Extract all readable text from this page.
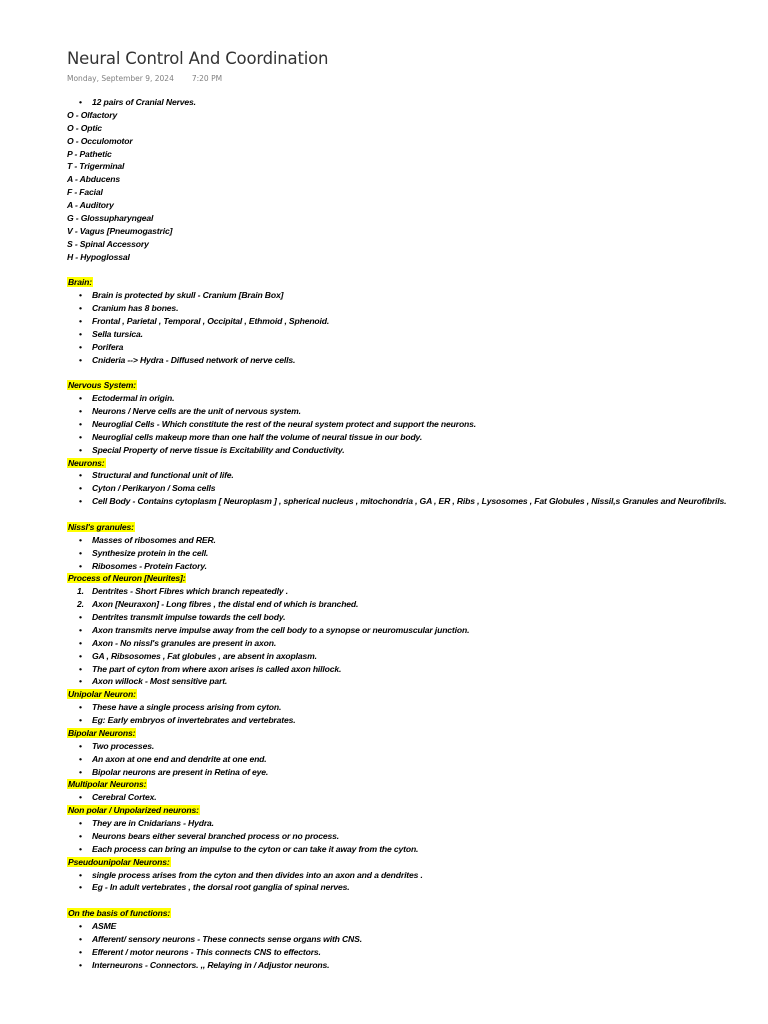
Neural Control And Coordination
Monday, September 9, 2024 7:20 PM
• 12 pairs of Cranial Nerves.
O - Olfactory
O - Optic
O - Occulomotor
P - Pathetic
T - Trigerminal
A - Abducens
F - Facial
A - Auditory
G - Glossupharyngeal
V - Vagus [Pneumogastric]
S - Spinal Accessory
H - Hypoglossal
Brain:
• Brain is protected by skull - Cranium [Brain Box]
• Cranium has 8 bones.
• Frontal , Parietal , Temporal , Occipital , Ethmoid , Sphenoid.
• Sella tursica.
• Porifera
• Cnideria --> Hydra - Diffused network of nerve cells.
Nervous System:
• Ectodermal in origin.
• Neurons / Nerve cells are the unit of nervous system.
• Neuroglial Cells - Which constitute the rest of the neural system protect and support the neurons.
• Neuroglial cells makeup more than one half the volume of neural tissue in our body.
• Special Property of nerve tissue is Excitability and Conductivity.
Neurons:
• Structural and functional unit of life.
• Cyton / Perikaryon / Soma cells
• Cell Body - Contains cytoplasm [ Neuroplasm ] , spherical nucleus , mitochondria , GA , ER , Ribs , Lysosomes , Fat Globules , Nissil,s Granules and Neurofibrils.
Nissl's granules:
• Masses of ribosomes and RER.
• Synthesize protein in the cell.
• Ribosomes - Protein Factory.
Process of Neuron [Neurites]:
1. Dentrites - Short Fibres which branch repeatedly .
2. Axon [Neuraxon] - Long fibres , the distal end of which is branched.
• Dentrites transmit impulse towards the cell body.
• Axon transmits nerve impulse away from the cell body to a synopse or neuromuscular junction.
• Axon - No nissl's granules are present in axon.
• GA , Ribsosomes , Fat globules , are absent in axoplasm.
• The part of cyton from where axon arises is called axon hillock.
• Axon willock - Most sensitive part.
Unipolar Neuron:
• These have a single process arising from cyton.
• Eg: Early embryos of invertebrates and vertebrates.
Bipolar Neurons:
• Two processes.
• An axon at one end and dendrite at one end.
• Bipolar neurons are present in Retina of eye.
Multipolar Neurons:
• Cerebral Cortex.
Non polar / Unpolarized neurons:
• They are in Cnidarians - Hydra.
• Neurons bears either several branched process or no process.
• Each process can bring an impulse to the cyton or can take it away from the cyton.
Pseudounipolar Neurons:
• single process arises from the cyton and then divides into an axon and a dendrites .
• Eg - In adult vertebrates , the dorsal root ganglia of spinal nerves.
On the basis of functions:
• ASME
• Afferent/ sensory neurons - These connects sense organs with CNS.
• Efferent / motor neurons - This connects CNS to effectors.
• Interneurons - Connectors. ,, Relaying in / Adjustor neurons.
